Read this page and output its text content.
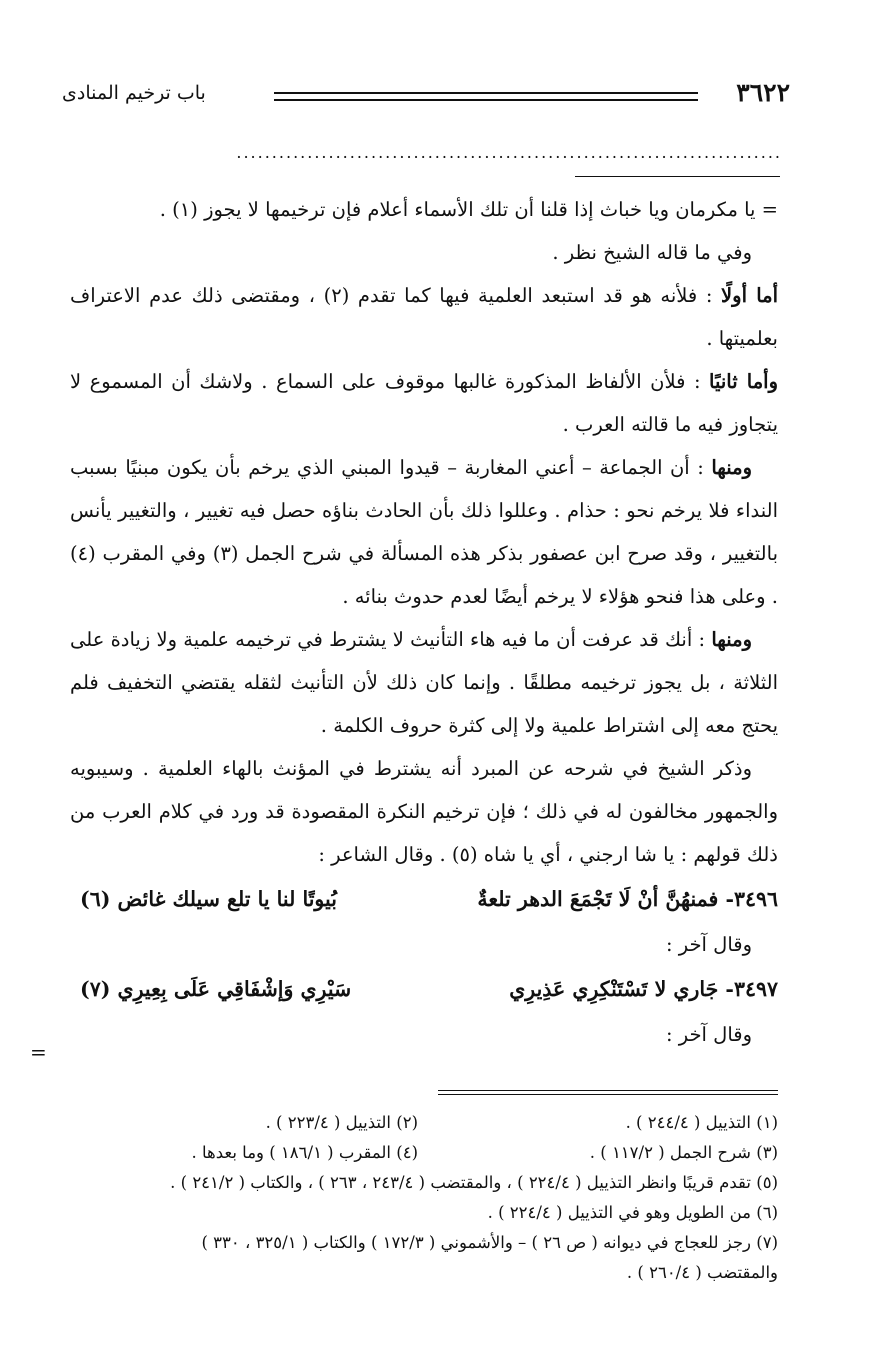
٣٦٢٢
باب ترخيم المنادى
.............................................................................
=

= يا مكرمان ويا خباث إذا قلنا أن تلك الأسماء أعلام فإن ترخيمها لا يجوز (١) .

وفي ما قاله الشيخ نظر .

أما أولًا : فلأنه هو قد استبعد العلمية فيها كما تقدم (٢) ، ومقتضى ذلك عدم الاعتراف بعلميتها .

وأما ثانيًا : فلأن الألفاظ المذكورة غالبها موقوف على السماع . ولاشك أن المسموع لا يتجاوز فيه ما قالته العرب .

ومنها : أن الجماعة – أعني المغاربة – قيدوا المبني الذي يرخم بأن يكون مبنيًا بسبب النداء فلا يرخم نحو : حذام . وعللوا ذلك بأن الحادث بناؤه حصل فيه تغيير ، والتغيير يأنس بالتغيير ، وقد صرح ابن عصفور بذكر هذه المسألة في شرح الجمل (٣) وفي المقرب (٤) . وعلى هذا فنحو هؤلاء لا يرخم أيضًا لعدم حدوث بنائه .

ومنها : أنك قد عرفت أن ما فيه هاء التأنيث لا يشترط في ترخيمه علمية ولا زيادة على الثلاثة ، بل يجوز ترخيمه مطلقًا . وإنما كان ذلك لأن التأنيث لثقله يقتضي التخفيف فلم يحتج معه إلى اشتراط علمية ولا إلى كثرة حروف الكلمة .

وذكر الشيخ في شرحه عن المبرد أنه يشترط في المؤنث بالهاء العلمية . وسيبويه والجمهور مخالفون له في ذلك ؛ فإن ترخيم النكرة المقصودة قد ورد في كلام العرب من ذلك قولهم : يا شا ارجني ، أي يا شاه (٥) . وقال الشاعر :

٣٤٩٦- فمنهُنَّ أنْ لَا تَجْمَعَ الدهر تلعةٌ
بُيوتًا لنا يا تلع سيلك غائض (٦)

وقال آخر :

٣٤٩٧- جَاري لا تَسْتَنْكِرِي عَذِيرِي
سَيْرِي وَإشْفَاقِي عَلَى بِعِيرِي (٧)

وقال آخر :

(١) التذييل ( ٢٤٤/٤ ) .
(٢) التذييل ( ٢٢٣/٤ ) .
(٣) شرح الجمل ( ١١٧/٢ ) .
(٤) المقرب ( ١٨٦/١ ) وما بعدها .
(٥) تقدم قريبًا وانظر التذييل ( ٢٢٤/٤ ) ، والمقتضب ( ٢٤٣/٤ ، ٢٦٣ ) ، والكتاب ( ٢٤١/٢ ) .
(٦) من الطويل وهو في التذييل ( ٢٢٤/٤ ) .
(٧) رجز للعجاج في ديوانه ( ص ٢٦ ) – والأشموني ( ١٧٢/٣ ) والكتاب ( ٣٢٥/١ ، ٣٣٠ )
والمقتضب ( ٢٦٠/٤ ) .
